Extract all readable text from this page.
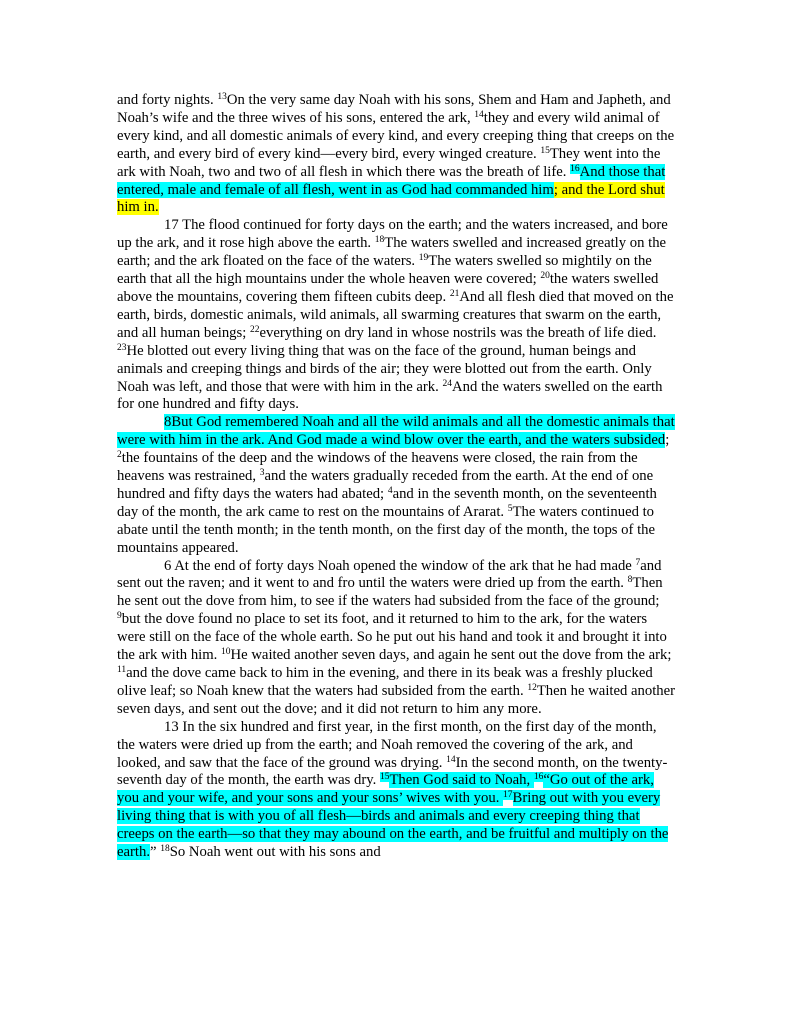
and forty nights. $^{13}$On the very same day Noah with his sons, Shem and Ham and Japheth, and Noah’s wife and the three wives of his sons, entered the ark, $^{14}$they and every wild animal of every kind, and all domestic animals of every kind, and every creeping thing that creeps on the earth, and every bird of every kind—every bird, every winged creature. $^{15}$They went into the ark with Noah, two and two of all flesh in which there was the breath of life. $^{16}$And those that entered, male and female of all flesh, went in as God had commanded him; and the Lord shut him in.

17 The flood continued for forty days on the earth; and the waters increased, and bore up the ark, and it rose high above the earth. $^{18}$The waters swelled and increased greatly on the earth; and the ark floated on the face of the waters. $^{19}$The waters swelled so mightily on the earth that all the high mountains under the whole heaven were covered; $^{20}$the waters swelled above the mountains, covering them fifteen cubits deep. $^{21}$And all flesh died that moved on the earth, birds, domestic animals, wild animals, all swarming creatures that swarm on the earth, and all human beings; $^{22}$everything on dry land in whose nostrils was the breath of life died. $^{23}$He blotted out every living thing that was on the face of the ground, human beings and animals and creeping things and birds of the air; they were blotted out from the earth. Only Noah was left, and those that were with him in the ark. $^{24}$And the waters swelled on the earth for one hundred and fifty days.

8But God remembered Noah and all the wild animals and all the domestic animals that were with him in the ark. And God made a wind blow over the earth, and the waters subsided; $^2$the fountains of the deep and the windows of the heavens were closed, the rain from the heavens was restrained, $^3$and the waters gradually receded from the earth. At the end of one hundred and fifty days the waters had abated; $^4$and in the seventh month, on the seventeenth day of the month, the ark came to rest on the mountains of Ararat. $^5$The waters continued to abate until the tenth month; in the tenth month, on the first day of the month, the tops of the mountains appeared.

6 At the end of forty days Noah opened the window of the ark that he had made $^7$and sent out the raven; and it went to and fro until the waters were dried up from the earth. $^8$Then he sent out the dove from him, to see if the waters had subsided from the face of the ground; $^9$but the dove found no place to set its foot, and it returned to him to the ark, for the waters were still on the face of the whole earth. So he put out his hand and took it and brought it into the ark with him. $^{10}$He waited another seven days, and again he sent out the dove from the ark; $^{11}$and the dove came back to him in the evening, and there in its beak was a freshly plucked olive leaf; so Noah knew that the waters had subsided from the earth. $^{12}$Then he waited another seven days, and sent out the dove; and it did not return to him any more.

13 In the six hundred and first year, in the first month, on the first day of the month, the waters were dried up from the earth; and Noah removed the covering of the ark, and looked, and saw that the face of the ground was drying. $^{14}$In the second month, on the twenty-seventh day of the month, the earth was dry. $^{15}$Then God said to Noah, $^{16}$“Go out of the ark, you and your wife, and your sons and your sons’ wives with you. $^{17}$Bring out with you every living thing that is with you of all flesh—birds and animals and every creeping thing that creeps on the earth—so that they may abound on the earth, and be fruitful and multiply on the earth.” $^{18}$So Noah went out with his sons and
